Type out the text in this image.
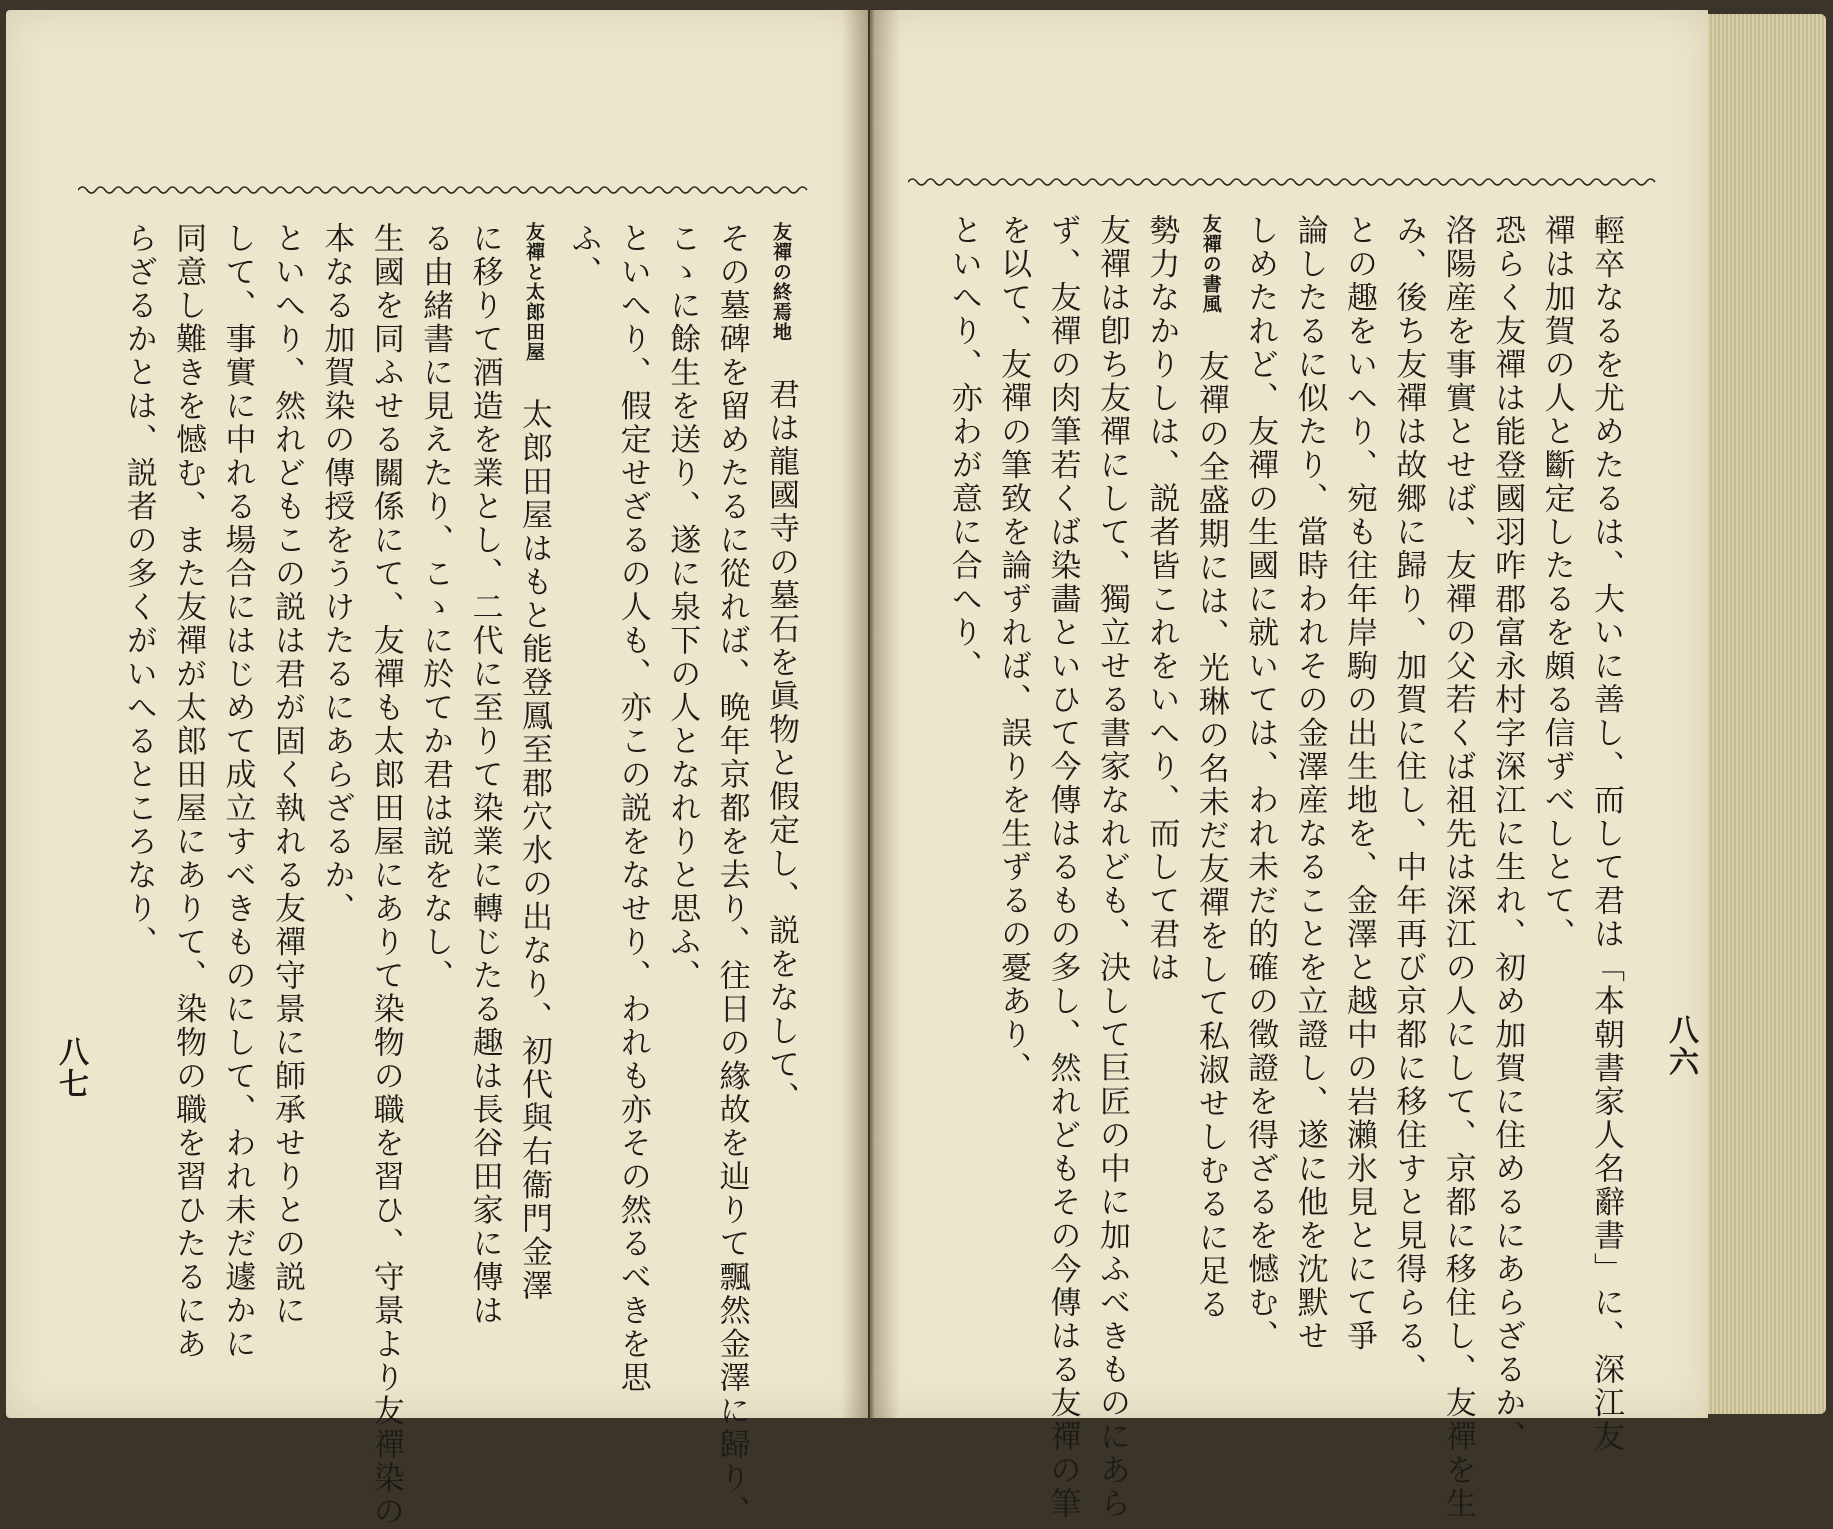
輕卒なるを尤めたるは、大いに善し、而して君は「本朝書家人名辭書」に、深江友
禪は加賀の人と斷定したるを頗る信ずべしとて、
恐らく友禪は能登國羽咋郡富永村字深江に生れ、初め加賀に住めるにあらざるか、
洛陽産を事實とせば、友禪の父若くば祖先は深江の人にして、京都に移住し、友禪を生
み、後ち友禪は故郷に歸り、加賀に住し、中年再び京都に移住すと見得らる、
との趣をいへり、宛も往年岸駒の出生地を、金澤と越中の岩瀨氷見とにて爭
論したるに似たり、當時われその金澤産なることを立證し、遂に他を沈默せ
しめたれど、友禪の生國に就いては、われ未だ的確の徵證を得ざるを憾む、
友禪の書風友禪の全盛期には、光琳の名未だ友禪をして私淑せしむるに足る
勢力なかりしは、説者皆これをいへり、而して君は
友禪は卽ち友禪にして、獨立せる書家なれども、決して巨匠の中に加ふべきものにあら
ず、友禪の肉筆若くば染畵といひて今傳はるもの多し、然れどもその今傳はる友禪の筆
を以て、友禪の筆致を論ずれば、誤りを生ずるの憂あり、
といへり、亦わが意に合へり、
友禪の終焉地君は龍國寺の墓石を眞物と假定し、説をなして、
その墓碑を留めたるに從れば、晩年京都を去り、往日の緣故を辿りて飄然金澤に歸り、
こゝに餘生を送り、遂に泉下の人となれりと思ふ、
といへり、假定せざるの人も、亦この説をなせり、われも亦その然るべきを思
ふ、
友禪と太郎田屋太郎田屋はもと能登鳳至郡穴水の出なり、初代與右衞門金澤
に移りて酒造を業とし、二代に至りて染業に轉じたる趣は長谷田家に傳は
る由緒書に見えたり、こゝに於てか君は説をなし、
生國を同ふせる關係にて、友禪も太郎田屋にありて染物の職を習ひ、守景より友禪染の
本なる加賀染の傳授をうけたるにあらざるか、
といへり、然れどもこの説は君が固く執れる友禪守景に師承せりとの説に
して、事實に中れる場合にはじめて成立すべきものにして、われ未だ遽かに
同意し難きを憾む、また友禪が太郎田屋にありて、染物の職を習ひたるにあ
らざるかとは、説者の多くがいへるところなり、
八六
八七
